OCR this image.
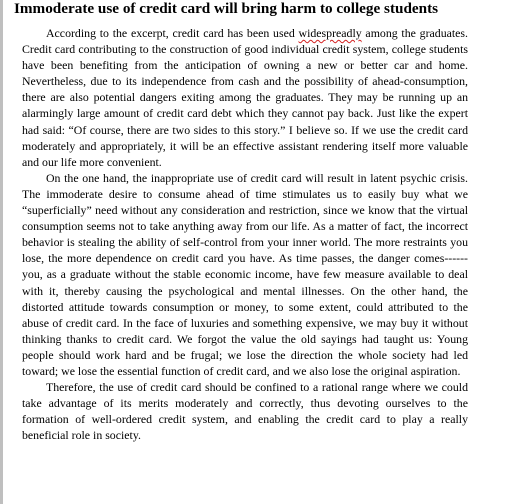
Immoderate use of credit card will bring harm to college students

According to the excerpt, credit card has been used widespreadly among the graduates. Credit card contributing to the construction of good individual credit system, college students have been benefiting from the anticipation of owning a new or better car and home. Nevertheless, due to its independence from cash and the possibility of ahead-consumption, there are also potential dangers exiting among the graduates. They may be running up an alarmingly large amount of credit card debt which they cannot pay back. Just like the expert had said: “Of course, there are two sides to this story.” I believe so. If we use the credit card moderately and appropriately, it will be an effective assistant rendering itself more valuable and our life more convenient.

On the one hand, the inappropriate use of credit card will result in latent psychic crisis. The immoderate desire to consume ahead of time stimulates us to easily buy what we “superficially” need without any consideration and restriction, since we know that the virtual consumption seems not to take anything away from our life. As a matter of fact, the incorrect behavior is stealing the ability of self-control from your inner world. The more restraints you lose, the more dependence on credit card you have. As time passes, the danger comes------you, as a graduate without the stable economic income, have few measure available to deal with it, thereby causing the psychological and mental illnesses. On the other hand, the distorted attitude towards consumption or money, to some extent, could attributed to the abuse of credit card. In the face of luxuries and something expensive, we may buy it without thinking thanks to credit card. We forgot the value the old sayings had taught us: Young people should work hard and be frugal; we lose the direction the whole society had led toward; we lose the essential function of credit card, and we also lose the original aspiration.

Therefore, the use of credit card should be confined to a rational range where we could take advantage of its merits moderately and correctly, thus devoting ourselves to the formation of well-ordered credit system, and enabling the credit card to play a really beneficial role in society.
